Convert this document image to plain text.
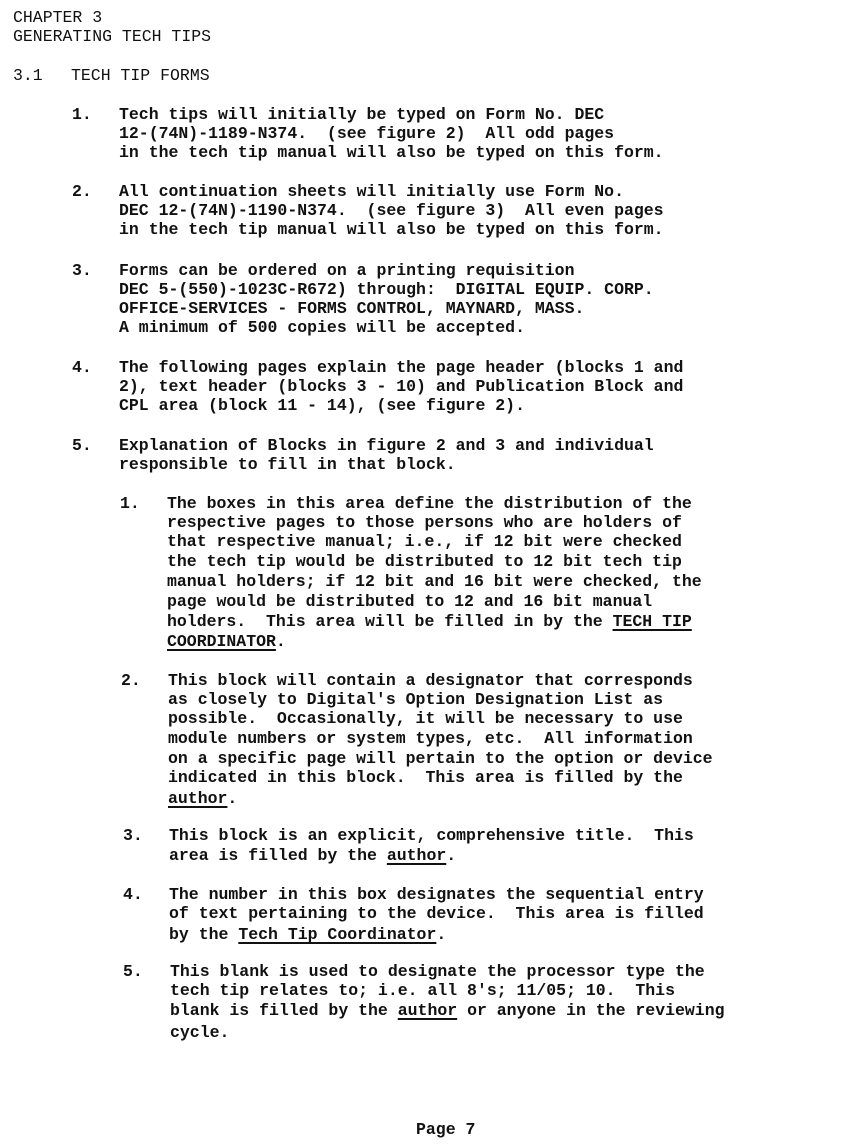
CHAPTER 3
GENERATING TECH TIPS
3.1 TECH TIP FORMS
1. Tech tips will initially be typed on Form No. DEC
12-(74N)-1189-N374.  (see figure 2)  All odd pages
in the tech tip manual will also be typed on this form.
2. All continuation sheets will initially use Form No.
DEC 12-(74N)-1190-N374.  (see figure 3)  All even pages
in the tech tip manual will also be typed on this form.
3. Forms can be ordered on a printing requisition
DEC 5-(550)-1023C-R672) through:  DIGITAL EQUIP. CORP.
OFFICE-SERVICES - FORMS CONTROL, MAYNARD, MASS.
A minimum of 500 copies will be accepted.
4. The following pages explain the page header (blocks 1 and
2), text header (blocks 3 - 10) and Publication Block and
CPL area (block 11 - 14), (see figure 2).
5. Explanation of Blocks in figure 2 and 3 and individual
responsible to fill in that block.
1. The boxes in this area define the distribution of the
respective pages to those persons who are holders of
that respective manual; i.e., if 12 bit were checked
the tech tip would be distributed to 12 bit tech tip
manual holders; if 12 bit and 16 bit were checked, the
page would be distributed to 12 and 16 bit manual
holders.  This area will be filled in by the TECH TIP
COORDINATOR.
2. This block will contain a designator that corresponds
as closely to Digital's Option Designation List as
possible.  Occasionally, it will be necessary to use
module numbers or system types, etc.  All information
on a specific page will pertain to the option or device
indicated in this block.  This area is filled by the
author.
3. This block is an explicit, comprehensive title.  This
area is filled by the author.
4. The number in this box designates the sequential entry
of text pertaining to the device.  This area is filled
by the Tech Tip Coordinator.
5. This blank is used to designate the processor type the
tech tip relates to; i.e. all 8's; 11/05; 10.  This
blank is filled by the author or anyone in the reviewing
cycle.
Page 7
